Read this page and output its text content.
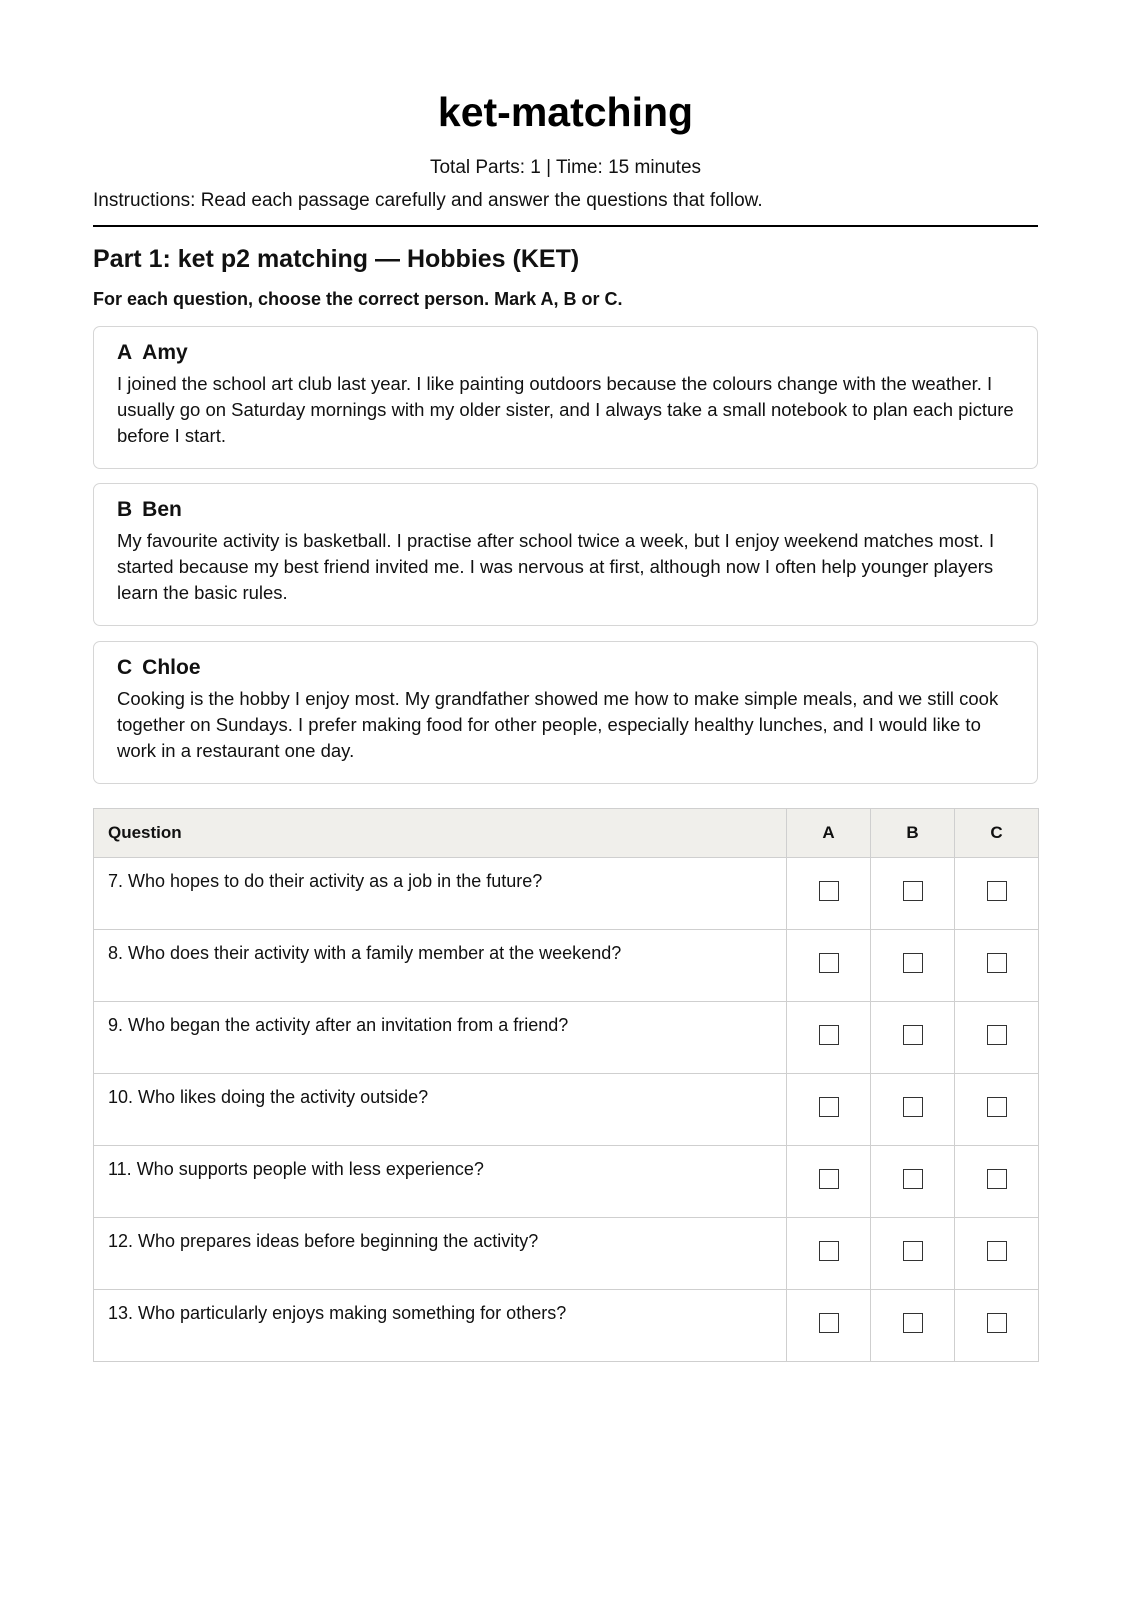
ket-matching
Total Parts: 1 | Time: 15 minutes
Instructions: Read each passage carefully and answer the questions that follow.
Part 1: ket p2 matching — Hobbies (KET)
For each question, choose the correct person. Mark A, B or C.
A Amy
I joined the school art club last year. I like painting outdoors because the colours change with the weather. I usually go on Saturday mornings with my older sister, and I always take a small notebook to plan each picture before I start.
B Ben
My favourite activity is basketball. I practise after school twice a week, but I enjoy weekend matches most. I started because my best friend invited me. I was nervous at first, although now I often help younger players learn the basic rules.
C Chloe
Cooking is the hobby I enjoy most. My grandfather showed me how to make simple meals, and we still cook together on Sundays. I prefer making food for other people, especially healthy lunches, and I would like to work in a restaurant one day.
Question	A	B	C
7. Who hopes to do their activity as a job in the future?			
8. Who does their activity with a family member at the weekend?			
9. Who began the activity after an invitation from a friend?			
10. Who likes doing the activity outside?			
11. Who supports people with less experience?			
12. Who prepares ideas before beginning the activity?			
13. Who particularly enjoys making something for others?			
